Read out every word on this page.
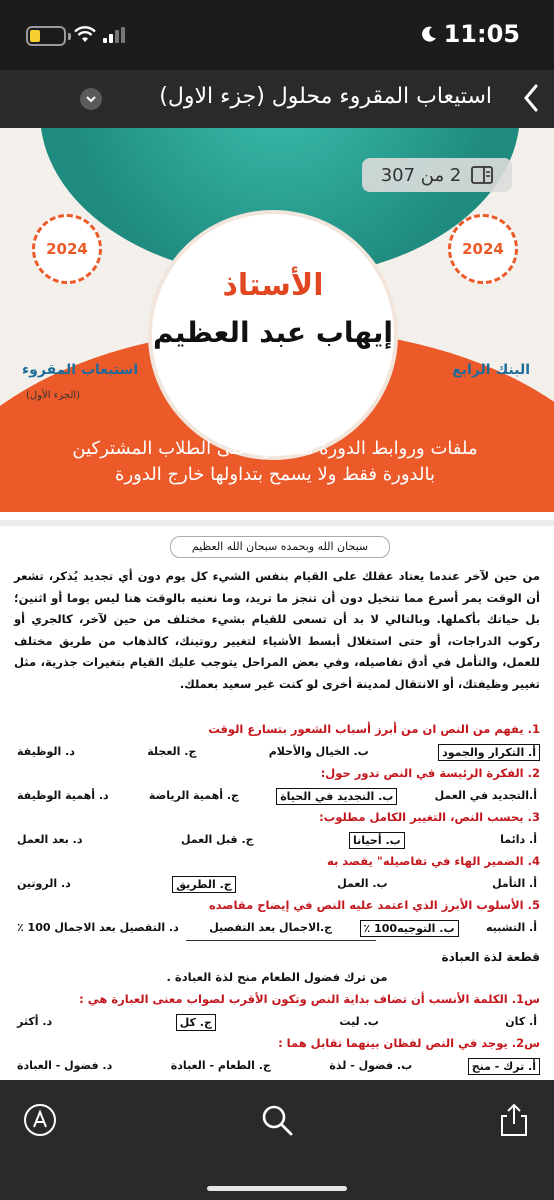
11:05
استيعاب المقروء محلول (جزء الاول)
2024	2024
الأستاذ
إيهاب عبد العظيم
البنك الرابع
استيعاب المقروء
(الجزء الأول)
ملفات وروابط الدورة مقتصرة على الطلاب المشتركين
بالدورة فقط ولا يسمح بتداولها خارج الدورة
2 من 307
سبحان الله وبحمده سبحان الله العظيم
من حين لآخر عندما يعتاد عقلك على القيام بنفس الشيء كل يوم دون أي تجديد يُذكر، تشعر أن الوقت يمر أسرع مما تتخيل دون أن تنجز ما تريد، وما نعنيه بالوقت هنا ليس يوما أو اثنين؛ بل حياتك بأكملها. وبالتالي لا بد أن تسعى للقيام بشيء مختلف من حين لآخر، كالجري أو ركوب الدراجات، أو حتى استغلال أبسط الأشياء لتغيير روتينك، كالذهاب من طريق مختلف للعمل، والتأمل في أدق تفاصيله، وفي بعض المراحل يتوجب عليك القيام بتغيرات جذرية، مثل تغيير وظيفتك، أو الانتقال لمدينة أخرى لو كنت غير سعيد بعملك.
1. يفهم من النص ان من أبرز أسباب الشعور بتسارع الوقت
أ. التكرار والجمود
ب. الخيال والأحلام
ج. العجلة
د. الوظيفة
2. الفكرة الرئيسة في النص تدور حول:
أ.التجديد في العمل
ب. التجديد في الحياة
ج. أهمية الرياضة
د. أهمية الوظيفة
3. بحسب النص، التغيير الكامل مطلوب:
أ. دائما
ب. أحيانا
ج. قبل العمل
د. بعد العمل
4. الضمير الهاء في تفاصيله" يقصد به
أ. التأمل
ب. العمل
ج. الطريق
د. الروتين
5. الأسلوب الأبرز الذي اعتمد عليه النص في إيضاح مقاصده
أ. التشبيه
ب. التوجيه100 ٪
ج.الاجمال بعد التفصيل
د. التفصيل بعد الاجمال 100 ٪
قطعة لذة العبادة
من ترك فضول الطعام منح لذة العبادة .
س1. الكلمة الأنسب أن تضاف بداية النص وتكون الأقرب لصواب معنى العبارة هي :
أ. كان
ب. ليت
ج. كل
د. أكثر
س2. يوجد في النص لفظان بينهما تقابل هما :
أ. ترك - منح
ب. فضول - لذة
ج. الطعام - العبادة
د. فضول - العبادة
